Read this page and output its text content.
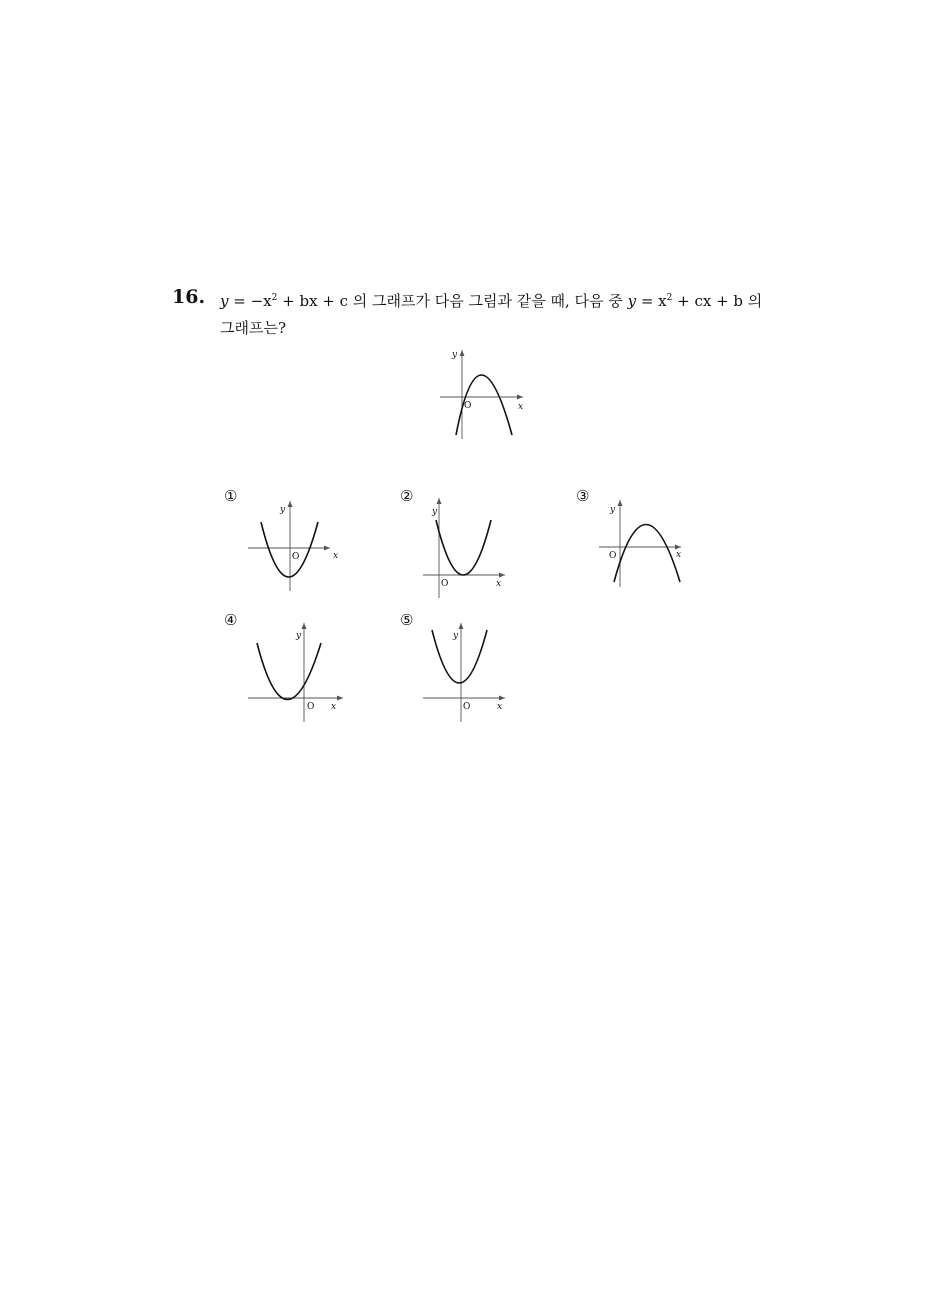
16. $y = -x^2$ + bx + c 의 그래프가 다음 그림과 같을 때, 다음 중 $y = x^2$ + cx + b 의
그래프는?
x
y
O
①
x
y
O
②
x
y
O
③
x
y
O
④
x
y
O
⑤
x
y
O
